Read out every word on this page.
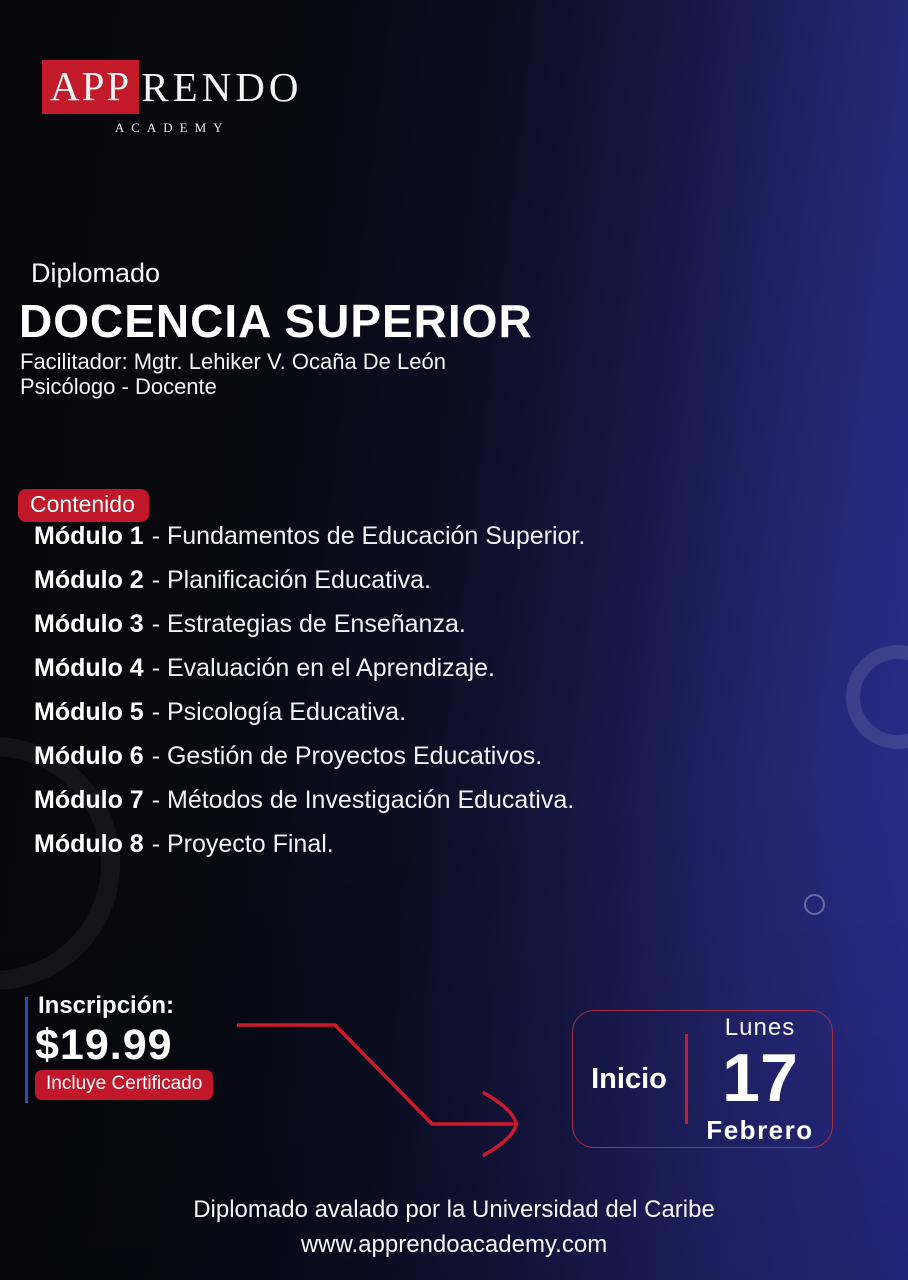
APP RENDO
ACADEMY
Diplomado
DOCENCIA SUPERIOR
Facilitador: Mgtr. Lehiker V. Ocaña De León
Psicólogo - Docente
Contenido
Módulo 1 - Fundamentos de Educación Superior.
Módulo 2 - Planificación Educativa.
Módulo 3 - Estrategias de Enseñanza.
Módulo 4 - Evaluación en el Aprendizaje.
Módulo 5 - Psicología Educativa.
Módulo 6 - Gestión de Proyectos Educativos.
Módulo 7 - Métodos de Investigación Educativa.
Módulo 8 - Proyecto Final.
Inscripción:
$19.99
Incluye Certificado	Inicio
Lunes
17
Febrero
Diplomado avalado por la Universidad del Caribe
www.apprendoacademy.com
